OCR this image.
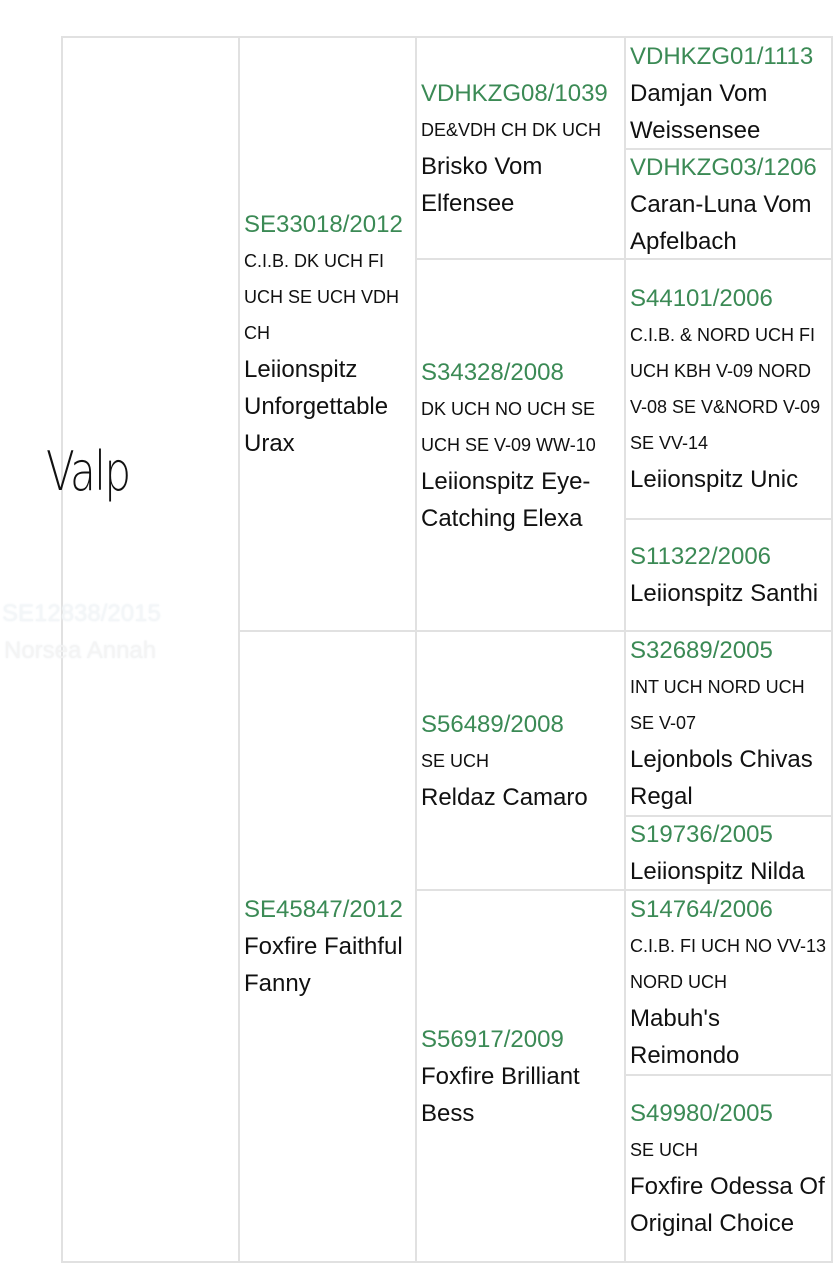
Valp
SE12838/2015
Norsea Annah
SE33018/2012
C.I.B. DK UCH FI UCH SE UCH VDH CH
Leiionspitz Unforgettable Urax
SE45847/2012
Foxfire Faithful Fanny
VDHKZG08/1039
DE&VDH CH DK UCH
Brisko Vom Elfensee
S34328/2008
DK UCH NO UCH SE UCH SE V-09 WW-10
Leiionspitz Eye-Catching Elexa
S56489/2008
SE UCH
Reldaz Camaro
S56917/2009
Foxfire Brilliant Bess
VDHKZG01/1113
Damjan Vom Weissensee
VDHKZG03/1206
Caran-Luna Vom Apfelbach
S44101/2006
C.I.B. & NORD UCH FI UCH KBH V-09 NORD V-08 SE V&NORD V-09 SE VV-14
Leiionspitz Unic
S11322/2006
Leiionspitz Santhi
S32689/2005
INT UCH NORD UCH SE V-07
Lejonbols Chivas Regal
S19736/2005
Leiionspitz Nilda
S14764/2006
C.I.B. FI UCH NO VV-13 NORD UCH
Mabuh's Reimondo
S49980/2005
SE UCH
Foxfire Odessa Of Original Choice
